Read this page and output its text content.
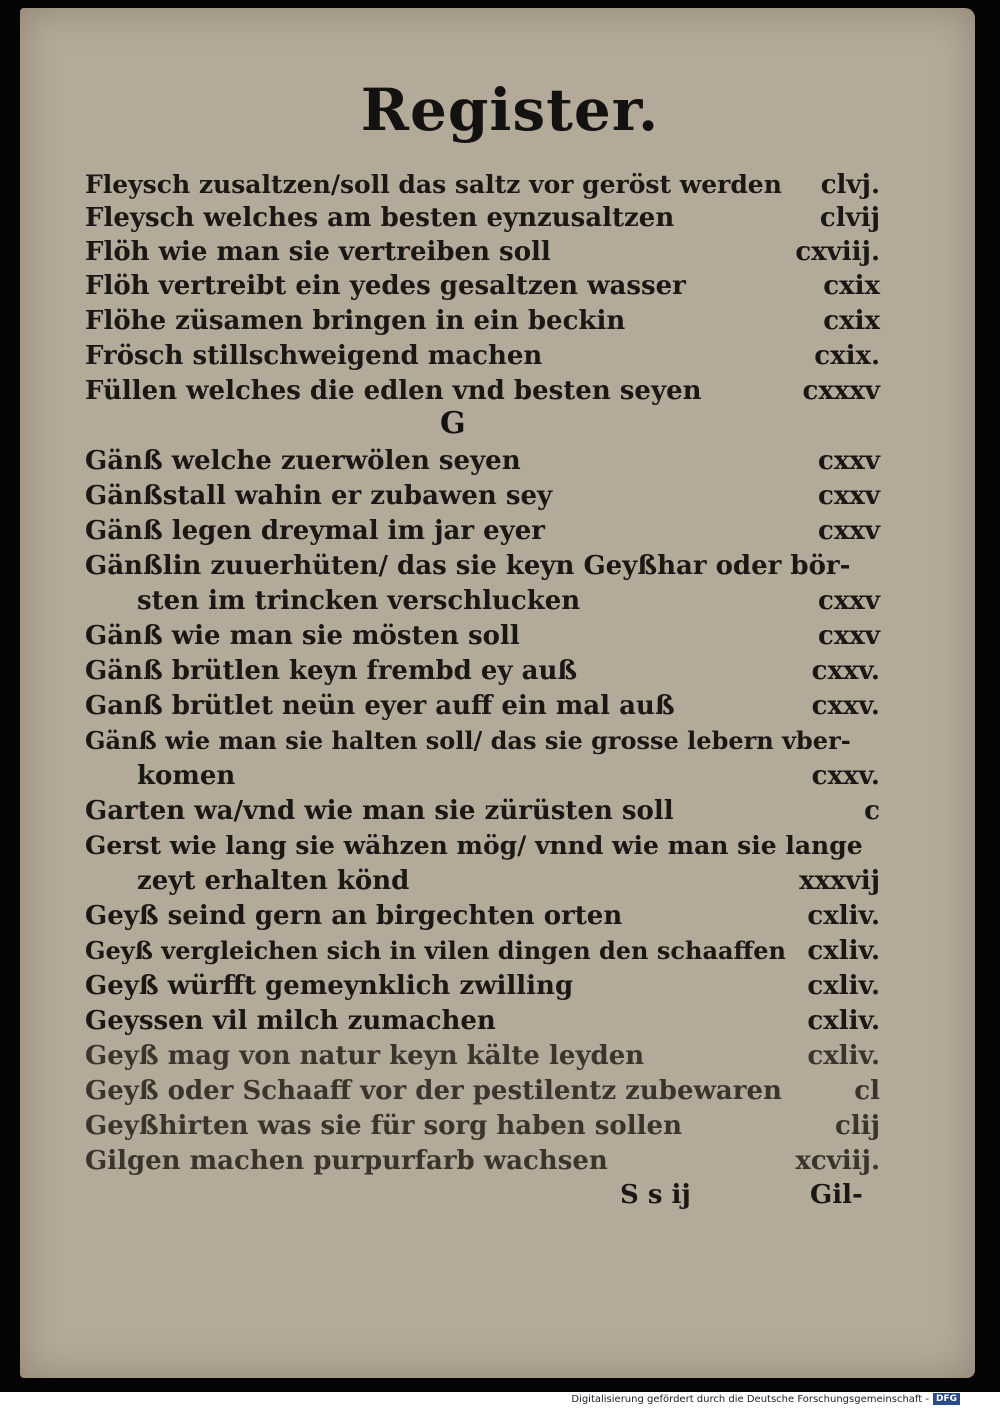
Register.
G
Fleysch zusaltzen/soll das saltz vor geröst werden clvj.
Fleysch welches am besten eynzusaltzen	clvij
Flöh wie man sie vertreiben soll	cxviij.
Flöh vertreibt ein yedes gesaltzen wasser	cxix
Flöhe züsamen bringen in ein beckin	cxix
Frösch stillschweigend machen	cxix.
Füllen welches die edlen vnd besten seyen	cxxxv
Gänß welche zuerwölen seyen	cxxv
Gänßstall wahin er zubawen sey	cxxv
Gänß legen dreymal im jar eyer	cxxv
Gänßlin zuuerhüten/ das sie keyn Geyßhar oder bör-
sten im trincken verschlucken	cxxv
Gänß wie man sie mösten soll	cxxv
Gänß brütlen keyn frembd ey auß	cxxv.
Ganß brütlet neün eyer auff ein mal auß	cxxv.
Gänß wie man sie halten soll/ das sie grosse lebern vber-
komen	cxxv.
Garten wa/vnd wie man sie zürüsten soll	c
Gerst wie lang sie wähzen mög/ vnnd wie man sie lange
zeyt erhalten könd	xxxvij
Geyß seind gern an birgechten orten	cxliv.
Geyß vergleichen sich in vilen dingen den schaaffen cxliv.
Geyß würfft gemeynklich zwilling	cxliv.
Geyssen vil milch zumachen	cxliv.
Geyß mag von natur keyn kälte leyden	cxliv.
Geyß oder Schaaff vor der pestilentz zubewaren	cl
Geyßhirten was sie für sorg haben sollen	clij
Gilgen machen purpurfarb wachsen	xcviij.
S s ij	Gil-
Digitalisierung gefördert durch die Deutsche Forschungsgemeinschaft - DFG
